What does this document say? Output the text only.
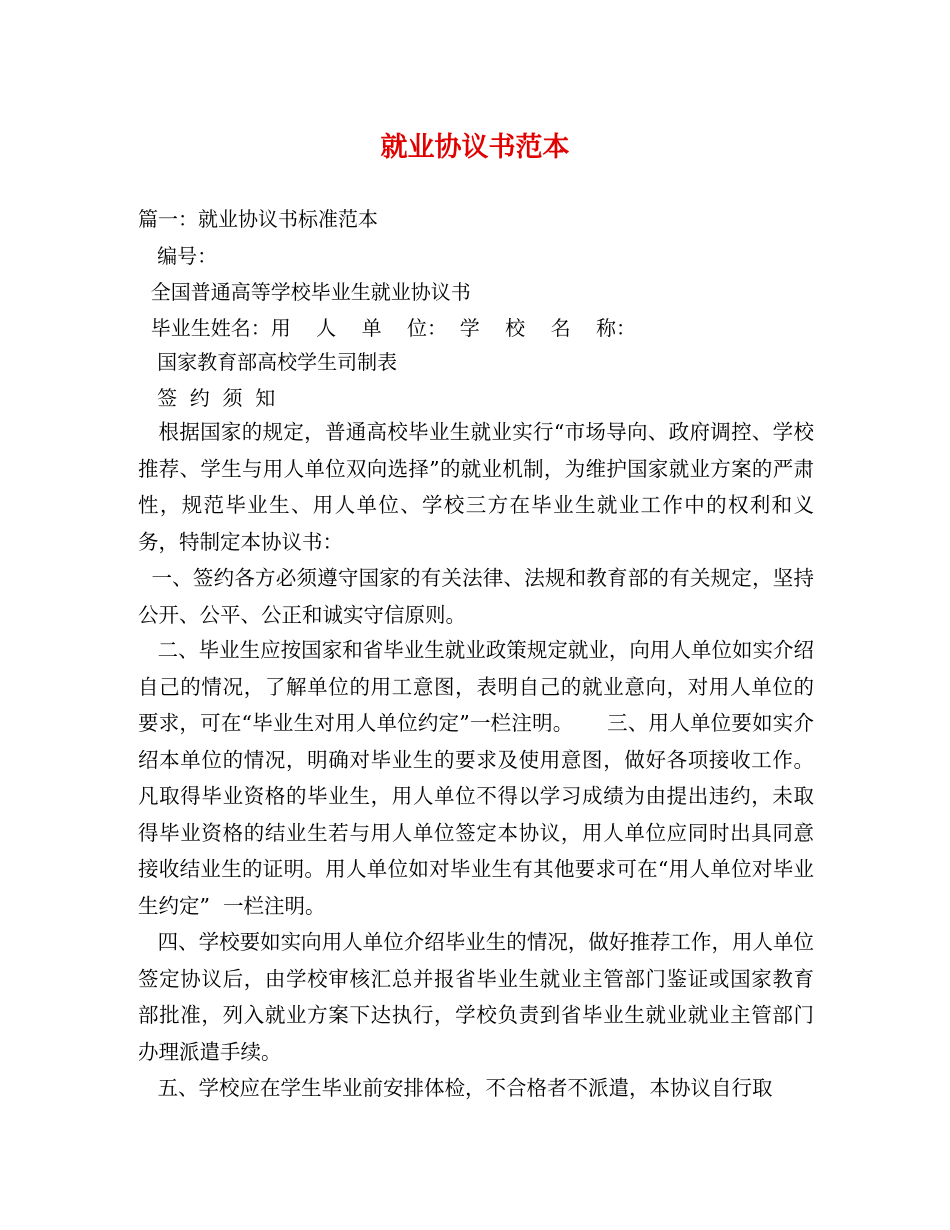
就业协议书范本

篇一：就业协议书标准范本

编号：

全国普通高等学校毕业生就业协议书

毕业生姓名：用    人    单    位：  学    校    名    称：

国家教育部高校学生司制表

签  约  须  知

根据国家的规定，普通高校毕业生就业实行“市场导向、政府调控、学校推荐、学生与用人单位双向选择”的就业机制，为维护国家就业方案的严肃性，规范毕业生、用人单位、学校三方在毕业生就业工作中的权利和义务，特制定本协议书：

一、签约各方必须遵守国家的有关法律、法规和教育部的有关规定，坚持公开、公平、公正和诚实守信原则。

二、毕业生应按国家和省毕业生就业政策规定就业，向用人单位如实介绍自己的情况，了解单位的用工意图，表明自己的就业意向，对用人单位的要求，可在“毕业生对用人单位约定”一栏注明。     三、用人单位要如实介绍本单位的情况，明确对毕业生的要求及使用意图，做好各项接收工作。凡取得毕业资格的毕业生，用人单位不得以学习成绩为由提出违约，未取得毕业资格的结业生若与用人单位签定本协议，用人单位应同时出具同意接收结业生的证明。用人单位如对毕业生有其他要求可在“用人单位对毕业生约定”  一栏注明。

四、学校要如实向用人单位介绍毕业生的情况，做好推荐工作，用人单位签定协议后，由学校审核汇总并报省毕业生就业主管部门鉴证或国家教育部批准，列入就业方案下达执行，学校负责到省毕业生就业就业主管部门办理派遣手续。

五、学校应在学生毕业前安排体检，不合格者不派遣，本协议自行取
